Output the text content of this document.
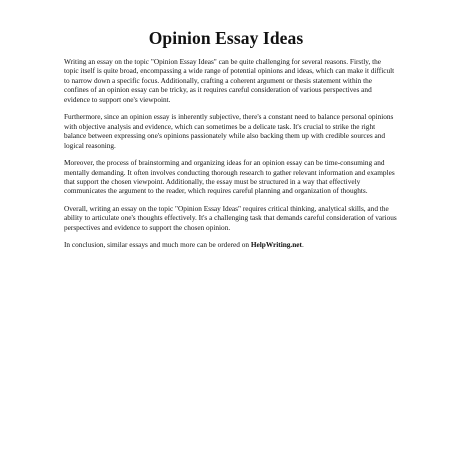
Opinion Essay Ideas

Writing an essay on the topic "Opinion Essay Ideas" can be quite challenging for several reasons. Firstly, the topic itself is quite broad, encompassing a wide range of potential opinions and ideas, which can make it difficult to narrow down a specific focus. Additionally, crafting a coherent argument or thesis statement within the confines of an opinion essay can be tricky, as it requires careful consideration of various perspectives and evidence to support one's viewpoint.

Furthermore, since an opinion essay is inherently subjective, there's a constant need to balance personal opinions with objective analysis and evidence, which can sometimes be a delicate task. It's crucial to strike the right balance between expressing one's opinions passionately while also backing them up with credible sources and logical reasoning.

Moreover, the process of brainstorming and organizing ideas for an opinion essay can be time-consuming and mentally demanding. It often involves conducting thorough research to gather relevant information and examples that support the chosen viewpoint. Additionally, the essay must be structured in a way that effectively communicates the argument to the reader, which requires careful planning and organization of thoughts.

Overall, writing an essay on the topic "Opinion Essay Ideas" requires critical thinking, analytical skills, and the ability to articulate one's thoughts effectively. It's a challenging task that demands careful consideration of various perspectives and evidence to support the chosen opinion.

In conclusion, similar essays and much more can be ordered on HelpWriting.net.
